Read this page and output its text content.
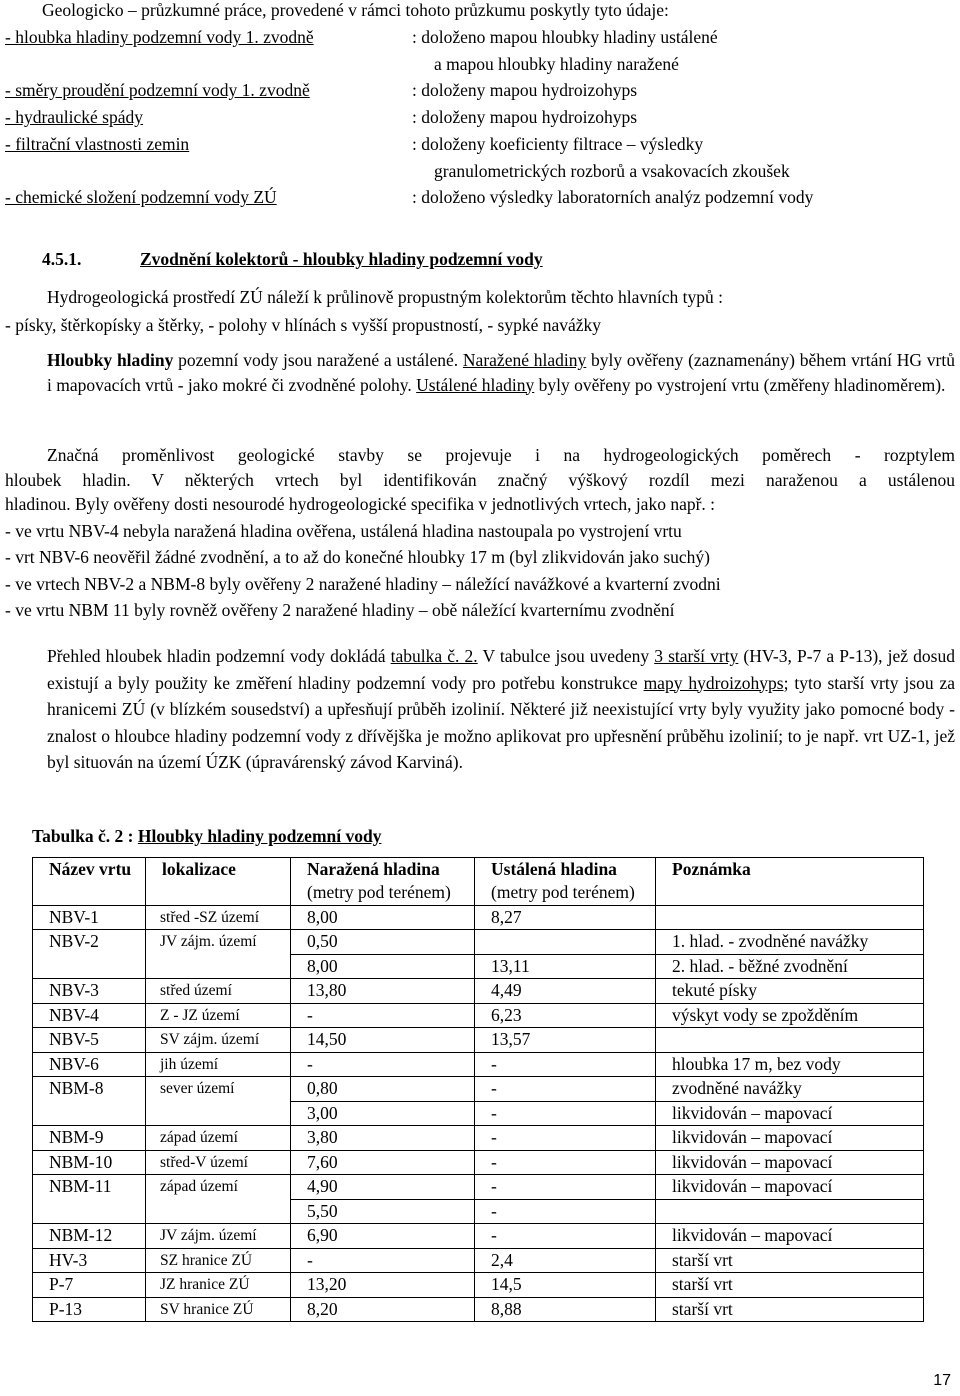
Geologicko – průzkumné práce, provedené v rámci tohoto průzkumu poskytly tyto údaje:
- hloubka hladiny podzemní vody 1. zvodně	: doloženo mapou hloubky hladiny ustálené
a mapou hloubky hladiny naražené
- směry proudění podzemní vody 1. zvodně	: doloženy mapou hydroizohyps
- hydraulické spády	: doloženy mapou hydroizohyps
- filtrační vlastnosti zemin	: doloženy koeficienty filtrace – výsledky
granulometrických rozborů a vsakovacích zkoušek
- chemické složení podzemní vody ZÚ	: doloženo výsledky laboratorních analýz podzemní vody
4.5.1.	Zvodnění kolektorů - hloubky hladiny podzemní vody
Hydrogeologická prostředí ZÚ náleží k průlinově propustným kolektorům těchto hlavních typů :
- písky, štěrkopísky a štěrky, - polohy v hlínách s vyšší propustností, - sypké navážky
Hloubky hladiny pozemní vody jsou naražené a ustálené. Naražené hladiny byly ověřeny (zaznamenány) během vrtání HG vrtů i mapovacích vrtů - jako mokré či zvodněné polohy. Ustálené hladiny byly ověřeny po vystrojení vrtu (změřeny hladinoměrem).
Značná proměnlivost geologické stavby se projevuje i na hydrogeologických poměrech - rozptylem
hloubek hladin. V některých vrtech byl identifikován značný výškový rozdíl mezi naraženou a ustálenou
hladinou. Byly ověřeny dosti nesourodé hydrogeologické specifika v jednotlivých vrtech, jako např. :
- ve vrtu NBV-4 nebyla naražená hladina ověřena, ustálená hladina nastoupala po vystrojení vrtu
- vrt NBV-6 neověřil žádné zvodnění, a to až do konečné hloubky 17 m (byl zlikvidován jako suchý)
- ve vrtech NBV-2 a NBM-8 byly ověřeny 2 naražené hladiny – náležící navážkové a kvarterní zvodni
- ve vrtu NBM 11 byly rovněž ověřeny 2 naražené hladiny – obě náležící kvarternímu zvodnění
Přehled hloubek hladin podzemní vody dokládá tabulka č. 2. V tabulce jsou uvedeny 3 starší vrty (HV-3, P-7 a P-13), jež dosud existují a byly použity ke změření hladiny podzemní vody pro potřebu konstrukce mapy hydroizohyps; tyto starší vrty jsou za hranicemi ZÚ (v blízkém sousedství) a upřesňují průběh izolinií. Některé již neexistující vrty byly využity jako pomocné body - znalost o hloubce hladiny podzemní vody z dřívějška je možno aplikovat pro upřesnění průběhu izolinií; to je např. vrt UZ-1, jež byl situován na území ÚZK (úpravárenský závod Karviná).
Tabulka č. 2 : Hloubky hladiny podzemní vody
Název vrtu	lokalizace	Naražená hladina	Ustálená hladina	Poznámka
		(metry pod terénem)	(metry pod terénem)	
NBV-1	střed -SZ území	8,00	8,27	
NBV-2	JV zájm. území	0,50		1. hlad. - zvodněné navážky
		8,00	13,11	2. hlad. - běžné zvodnění
NBV-3	střed území	13,80	4,49	tekuté písky
NBV-4	Z - JZ území	-	6,23	výskyt vody se zpožděním
NBV-5	SV zájm. území	14,50	13,57	
NBV-6	jih území	-	-	hloubka 17 m, bez vody
NBM-8	sever území	0,80	-	zvodněné navážky
		3,00	-	likvidován – mapovací
NBM-9	západ území	3,80	-	likvidován – mapovací
NBM-10	střed-V území	7,60	-	likvidován – mapovací
NBM-11	západ území	4,90	-	likvidován – mapovací
		5,50	-	
NBM-12	JV zájm. území	6,90	-	likvidován – mapovací
HV-3	SZ hranice ZÚ	-	2,4	starší vrt
P-7	JZ hranice ZÚ	13,20	14,5	starší vrt
P-13	SV hranice ZÚ	8,20	8,88	starší vrt
17
